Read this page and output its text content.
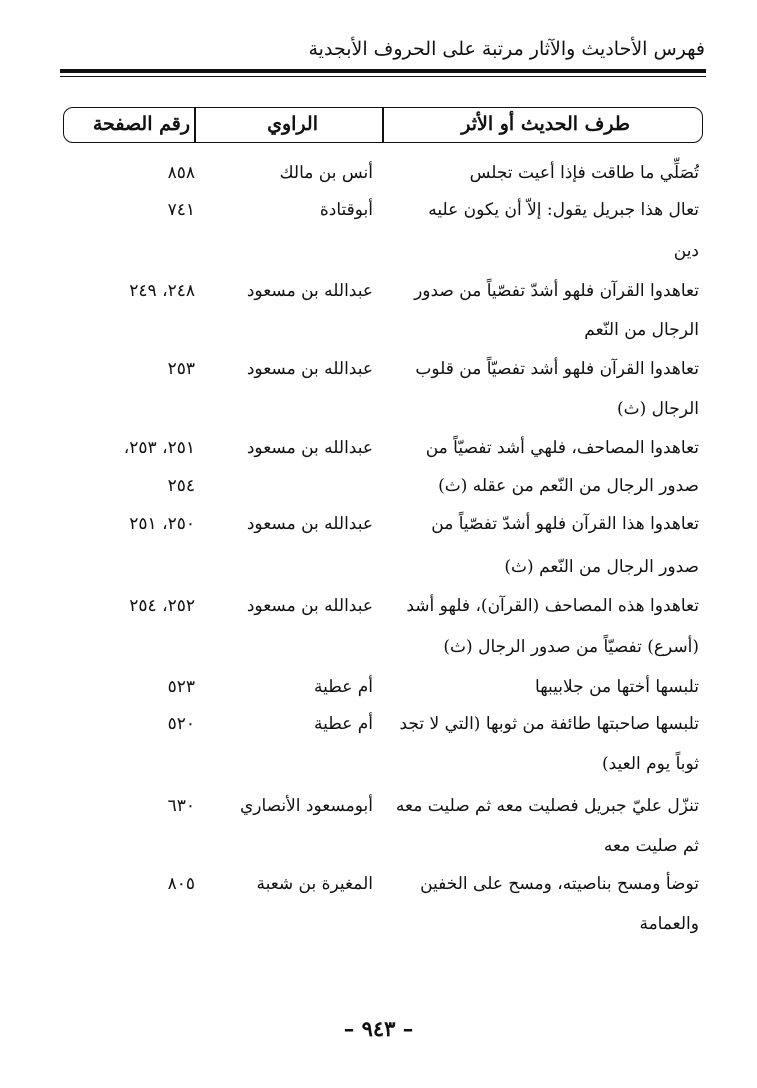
فهرس الأحاديث والآثار مرتبة على الحروف الأبجدية
طرف الحديث أو الأثر
الراوي
رقم الصفحة
تُصَلِّي ما طاقت فإذا أعيت تجلس
أنس بن مالك
٨٥٨
تعال هذا جبريل يقول: إلاّ أن يكون عليه
دين
أبوقتادة
٧٤١
تعاهدوا القرآن فلهو أشدّ تفصّياً من صدور
الرجال من النّعم
عبدالله بن مسعود
٢٤٨، ٢٤٩
تعاهدوا القرآن فلهو أشد تفصيّاً من قلوب
الرجال (ث)
عبدالله بن مسعود
٢٥٣
تعاهدوا المصاحف، فلهي أشد تفصيّاً من
صدور الرجال من النّعم من عقله (ث)
عبدالله بن مسعود
٢٥١، ٢٥٣،
٢٥٤
تعاهدوا هذا القرآن فلهو أشدّ تفصّياً من
صدور الرجال من النّعم (ث)
عبدالله بن مسعود
٢٥٠، ٢٥١
تعاهدوا هذه المصاحف (القرآن)، فلهو أشد
(أسرع) تفصيّاً من صدور الرجال (ث)
عبدالله بن مسعود
٢٥٢، ٢٥٤
تلبسها أختها من جلابيبها
أم عطية
٥٢٣
تلبسها صاحبتها طائفة من ثوبها (التي لا تجد
ثوباً يوم العيد)
أم عطية
٥٢٠
تنزّل عليّ جبريل فصليت معه ثم صليت معه
ثم صليت معه
أبومسعود الأنصاري
٦٣٠
توضأ ومسح بناصيته، ومسح على الخفين
والعمامة
المغيرة بن شعبة
٨٠٥
– ٩٤٣ –
